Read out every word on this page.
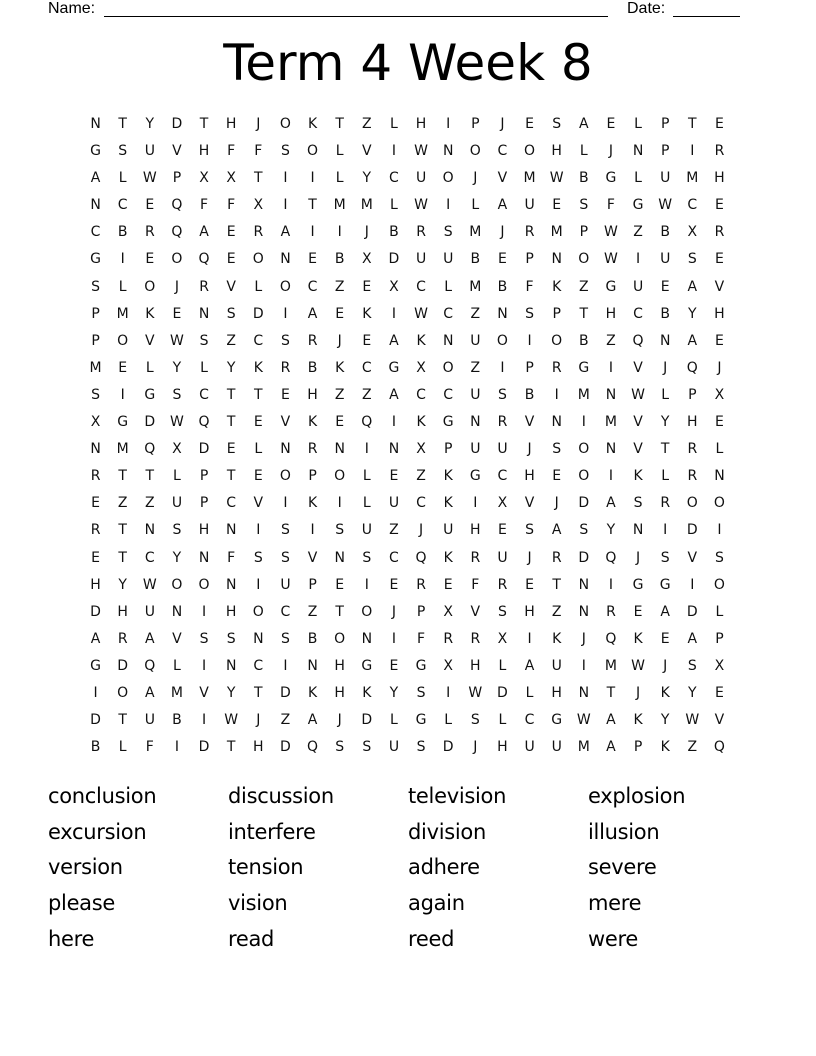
Name:	Date:
Term 4 Week 8
N	T	Y	D	T	H	J	O	K	T	Z	L	H	I	P	J	E	S	A	E	L	P	T	E
G	S	U	V	H	F	F	S	O	L	V	I	W	N	O	C	O	H	L	J	N	P	I	R
A	L	W	P	X	X	T	I	I	L	Y	C	U	O	J	V	M	W	B	G	L	U	M	H
N	C	E	Q	F	F	X	I	T	M	M	L	W	I	L	A	U	E	S	F	G	W	C	E
C	B	R	Q	A	E	R	A	I	I	J	B	R	S	M	J	R	M	P	W	Z	B	X	R
G	I	E	O	Q	E	O	N	E	B	X	D	U	U	B	E	P	N	O	W	I	U	S	E
S	L	O	J	R	V	L	O	C	Z	E	X	C	L	M	B	F	K	Z	G	U	E	A	V
P	M	K	E	N	S	D	I	A	E	K	I	W	C	Z	N	S	P	T	H	C	B	Y	H
P	O	V	W	S	Z	C	S	R	J	E	A	K	N	U	O	I	O	B	Z	Q	N	A	E
M	E	L	Y	L	Y	K	R	B	K	C	G	X	O	Z	I	P	R	G	I	V	J	Q	J
S	I	G	S	C	T	T	E	H	Z	Z	A	C	C	U	S	B	I	M	N	W	L	P	X
X	G	D	W	Q	T	E	V	K	E	Q	I	K	G	N	R	V	N	I	M	V	Y	H	E
N	M	Q	X	D	E	L	N	R	N	I	N	X	P	U	U	J	S	O	N	V	T	R	L
R	T	T	L	P	T	E	O	P	O	L	E	Z	K	G	C	H	E	O	I	K	L	R	N
E	Z	Z	U	P	C	V	I	K	I	L	U	C	K	I	X	V	J	D	A	S	R	O	O
R	T	N	S	H	N	I	S	I	S	U	Z	J	U	H	E	S	A	S	Y	N	I	D	I
E	T	C	Y	N	F	S	S	V	N	S	C	Q	K	R	U	J	R	D	Q	J	S	V	S
H	Y	W	O	O	N	I	U	P	E	I	E	R	E	F	R	E	T	N	I	G	G	I	O
D	H	U	N	I	H	O	C	Z	T	O	J	P	X	V	S	H	Z	N	R	E	A	D	L
A	R	A	V	S	S	N	S	B	O	N	I	F	R	R	X	I	K	J	Q	K	E	A	P
G	D	Q	L	I	N	C	I	N	H	G	E	G	X	H	L	A	U	I	M	W	J	S	X
I	O	A	M	V	Y	T	D	K	H	K	Y	S	I	W	D	L	H	N	T	J	K	Y	E
D	T	U	B	I	W	J	Z	A	J	D	L	G	L	S	L	C	G	W	A	K	Y	W	V
B	L	F	I	D	T	H	D	Q	S	S	U	S	D	J	H	U	U	M	A	P	K	Z	Q
conclusion	discussion	television	explosion
excursion	interfere	division	illusion
version	tension	adhere	severe
please	vision	again	mere
here	read	reed	were
